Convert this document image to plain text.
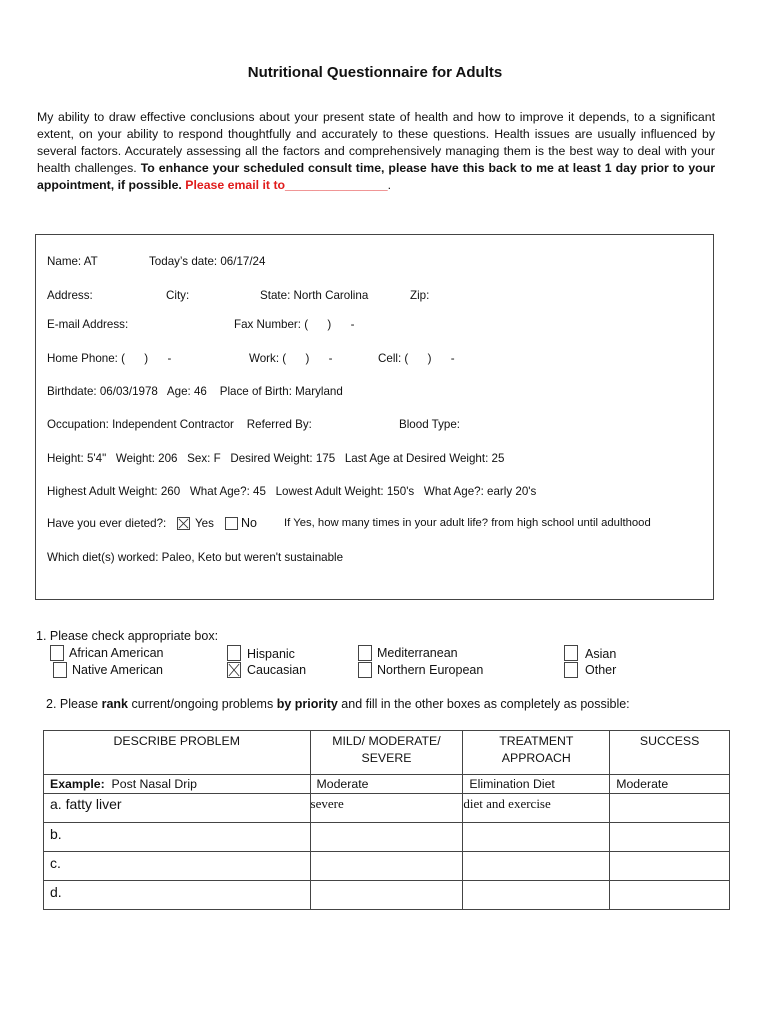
Nutritional Questionnaire for Adults
My ability to draw effective conclusions about your present state of health and how to improve it depends, to a significant extent, on your ability to respond thoughtfully and accurately to these questions. Health issues are usually influenced by several factors. Accurately assessing all the factors and comprehensively managing them is the best way to deal with your health challenges. To enhance your scheduled consult time, please have this back to me at least 1 day prior to your appointment, if possible. Please email it to_______________.
Name: AT	Today’s date: 06/17/24
Address:	City:	State: North Carolina	Zip:
E-mail Address:	Fax Number: (      )      -
Home Phone: (      )      -	Work: (      )      -	Cell: (      )      -
Birthdate: 06/03/1978   Age: 46    Place of Birth: Maryland
Occupation: Independent Contractor    Referred By:	Blood Type:
Height: 5'4"   Weight: 206   Sex: F   Desired Weight: 175   Last Age at Desired Weight: 25
Highest Adult Weight: 260   What Age?: 45   Lowest Adult Weight: 150's   What Age?: early 20's
Have you ever dieted?: Yes No If Yes, how many times in your adult life? from high school until adulthood
Which diet(s) worked: Paleo, Keto but weren't sustainable
1. Please check appropriate box:
African American
Native American
Hispanic
Caucasian
Mediterranean
Northern European
Asian
Other
2. Please rank current/ongoing problems by priority and fill in the other boxes as completely as possible:
DESCRIBE PROBLEM	MILD/ MODERATE/ SEVERE	TREATMENT APPROACH	SUCCESS

Example: Post Nasal Drip	Moderate	Elimination Diet	Moderate
a. fatty liver	severe	diet and exercise	
b.			
c.			
d.			
